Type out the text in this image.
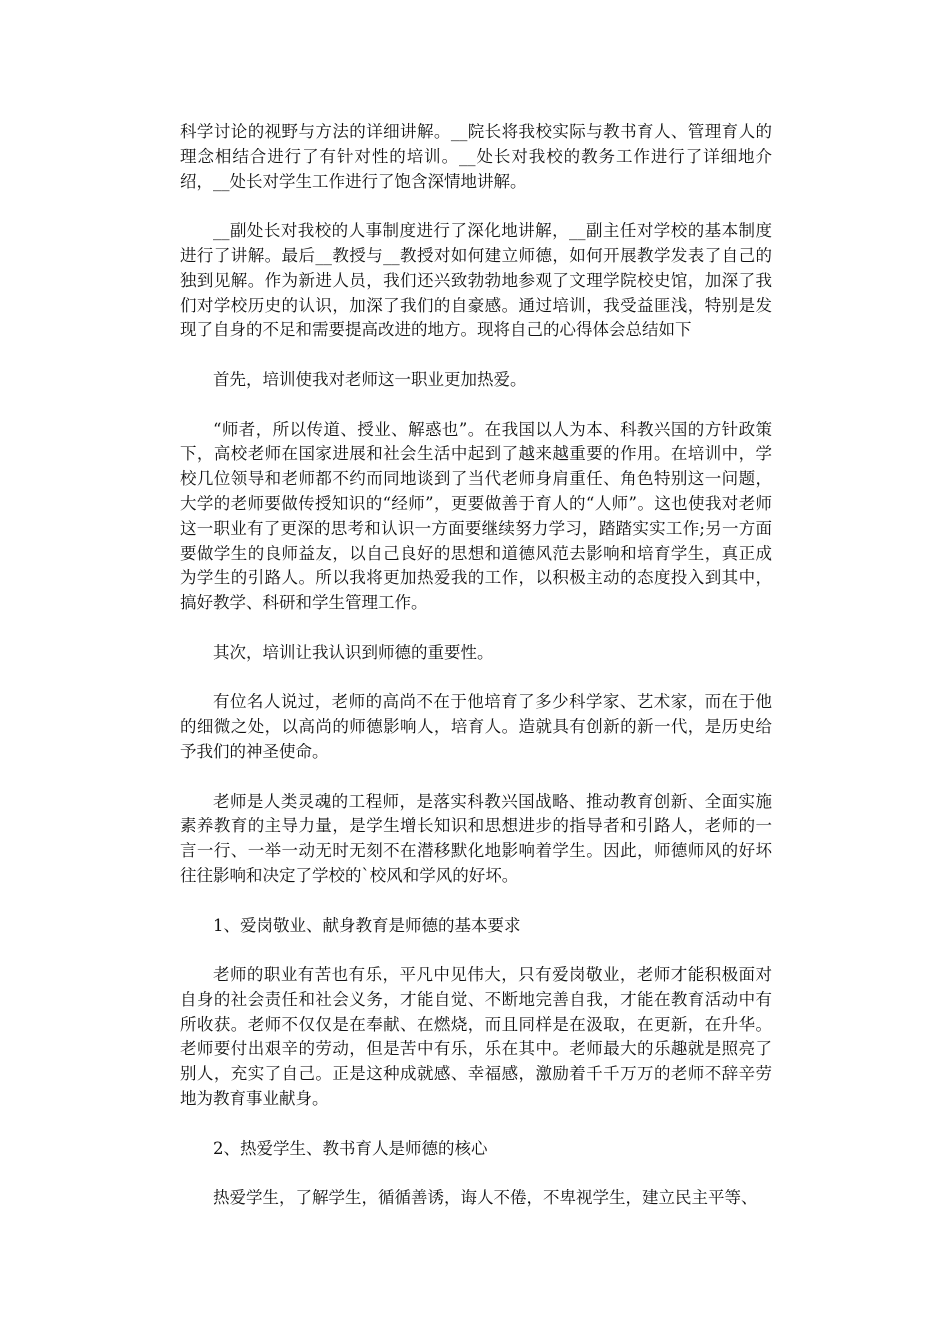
科学讨论的视野与方法的详细讲解。__院长将我校实际与教书育人、管理育人的理念相结合进行了有针对性的培训。__处长对我校的教务工作进行了详细地介绍，__处长对学生工作进行了饱含深情地讲解。

__副处长对我校的人事制度进行了深化地讲解，__副主任对学校的基本制度进行了讲解。最后__教授与__教授对如何建立师德，如何开展教学发表了自己的独到见解。作为新进人员，我们还兴致勃勃地参观了文理学院校史馆，加深了我们对学校历史的认识，加深了我们的自豪感。通过培训，我受益匪浅，特别是发现了自身的不足和需要提高改进的地方。现将自己的心得体会总结如下

首先，培训使我对老师这一职业更加热爱。

“师者，所以传道、授业、解惑也”。在我国以人为本、科教兴国的方针政策下，高校老师在国家进展和社会生活中起到了越来越重要的作用。在培训中，学校几位领导和老师都不约而同地谈到了当代老师身肩重任、角色特别这一问题，大学的老师要做传授知识的“经师”，更要做善于育人的“人师”。这也使我对老师这一职业有了更深的思考和认识一方面要继续努力学习，踏踏实实工作;另一方面要做学生的良师益友，以自己良好的思想和道德风范去影响和培育学生，真正成为学生的引路人。所以我将更加热爱我的工作，以积极主动的态度投入到其中，搞好教学、科研和学生管理工作。

其次，培训让我认识到师德的重要性。

有位名人说过，老师的高尚不在于他培育了多少科学家、艺术家，而在于他的细微之处，以高尚的师德影响人，培育人。造就具有创新的新一代，是历史给予我们的神圣使命。

老师是人类灵魂的工程师，是落实科教兴国战略、推动教育创新、全面实施素养教育的主导力量，是学生增长知识和思想进步的指导者和引路人，老师的一言一行、一举一动无时无刻不在潜移默化地影响着学生。因此，师德师风的好坏往往影响和决定了学校的`校风和学风的好坏。

1、爱岗敬业、献身教育是师德的基本要求

老师的职业有苦也有乐，平凡中见伟大，只有爱岗敬业，老师才能积极面对自身的社会责任和社会义务，才能自觉、不断地完善自我，才能在教育活动中有所收获。老师不仅仅是在奉献、在燃烧，而且同样是在汲取，在更新，在升华。老师要付出艰辛的劳动，但是苦中有乐，乐在其中。老师最大的乐趣就是照亮了别人，充实了自己。正是这种成就感、幸福感，激励着千千万万的老师不辞辛劳地为教育事业献身。

2、热爱学生、教书育人是师德的核心

热爱学生，了解学生，循循善诱，诲人不倦，不卑视学生，建立民主平等、
